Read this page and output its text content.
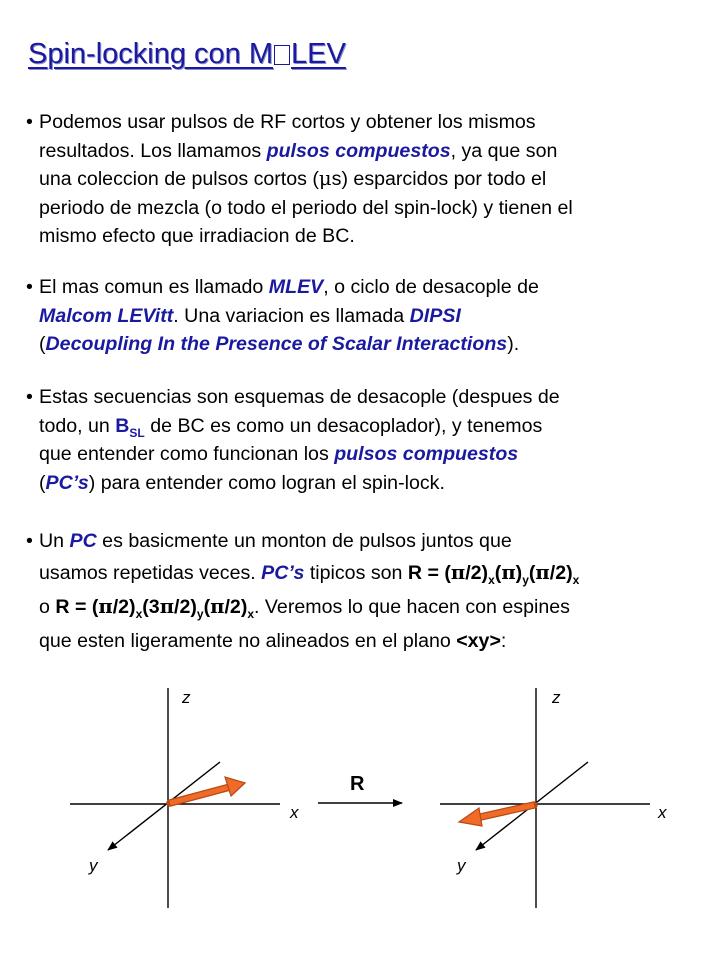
Spin-locking con M LEV
• Podemos usar pulsos de RF cortos y obtener los mismos
resultados. Los llamamos pulsos compuestos, ya que son
una coleccion de pulsos cortos (μs) esparcidos por todo el
periodo de mezcla (o todo el periodo del spin-lock) y tienen el
mismo efecto que irradiacion de BC.
• El mas comun es llamado MLEV, o ciclo de desacople de
Malcom LEVitt. Una variacion es llamada DIPSI
(Decoupling In the Presence of Scalar Interactions).
• Estas secuencias son esquemas de desacople (despues de
todo, un $B_{SL}$ de BC es como un desacoplador), y tenemos
que entender como funcionan los pulsos compuestos
(PC’s) para entender como logran el spin-lock.
• Un PC es basicmente un monton de pulsos juntos que
usamos repetidas veces. PC’s tipicos son $R = (\pi/2)_x(\pi)_y(\pi/2)_x$
o $R = (\pi/2)_x(3\pi/2)_y(\pi/2)_x$. Veremos lo que hacen con espines
que esten ligeramente no alineados en el plano <xy>:
z
x
y
R
z
x
y
